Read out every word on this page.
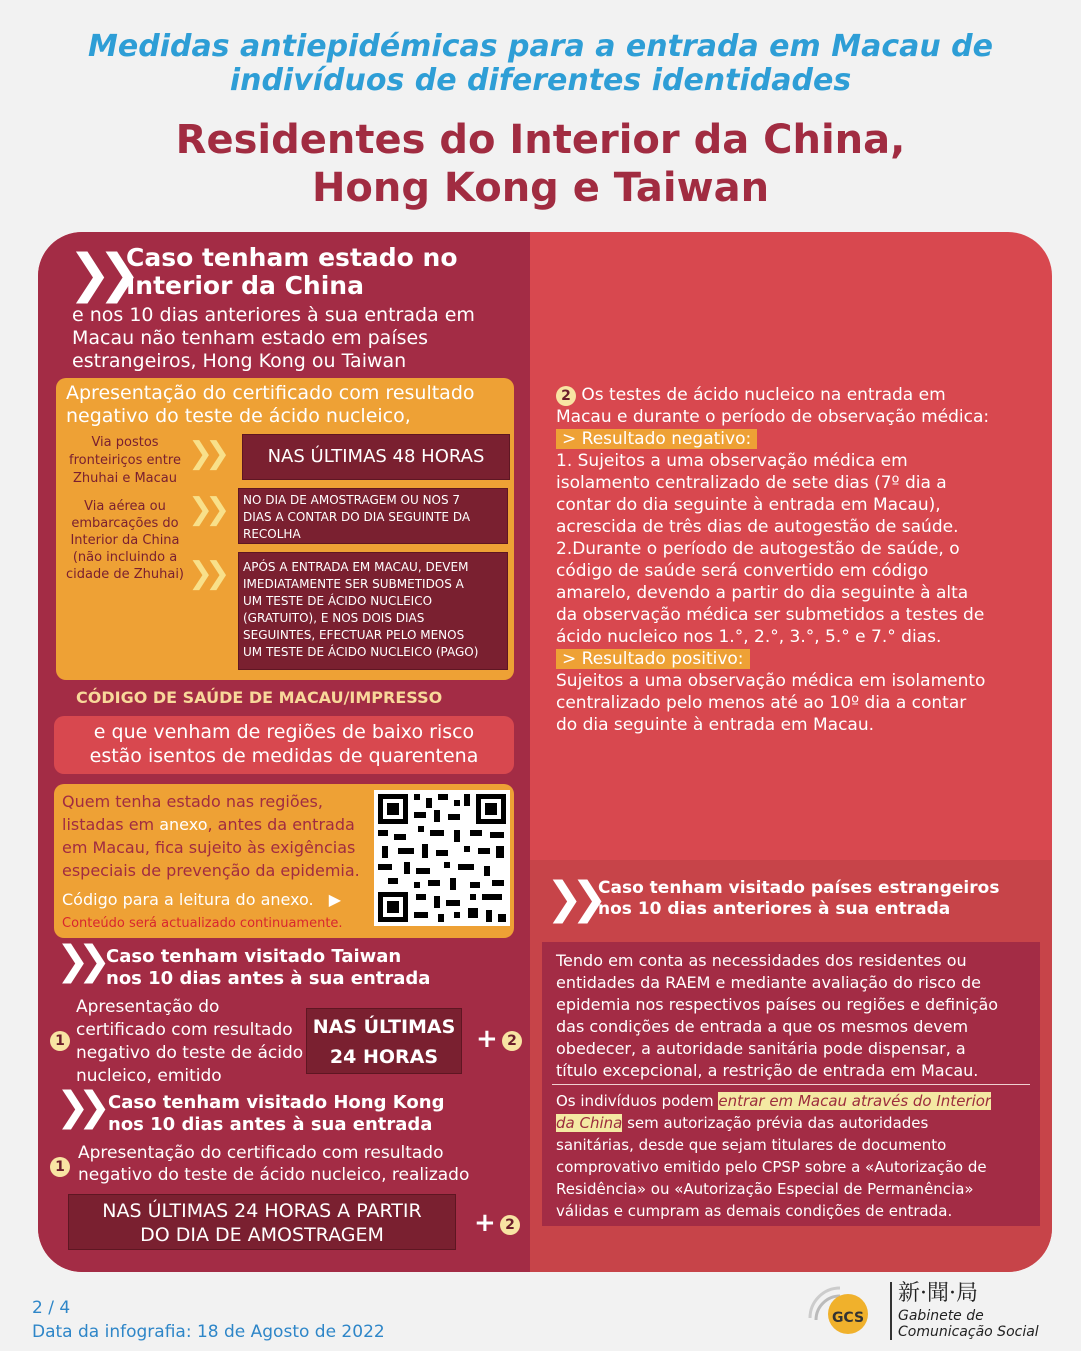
Medidas antiepidémicas para a entrada em Macau de
indivíduos de diferentes identidades
Residentes do Interior da China,
Hong Kong e Taiwan
❯❯
Caso tenham estado no
Interior da China
e nos 10 dias anteriores à sua entrada em
Macau não tenham estado em países
estrangeiros, Hong Kong ou Taiwan
Apresentação do certificado com resultado
negativo do teste de ácido nucleico,
Via postos
fronteiriços entre
Zhuhai e Macau
❯❯	NAS ÚLTIMAS 48 HORAS
Via aérea ou
embarcações do
Interior da China
(não incluindo a
cidade de Zhuhai)
❯❯ NO DIA DE AMOSTRAGEM OU NOS 7
DIAS A CONTAR DO DIA SEGUINTE DA
RECOLHA
❯❯ APÓS A ENTRADA EM MACAU, DEVEM
IMEDIATAMENTE SER SUBMETIDOS A
UM TESTE DE ÁCIDO NUCLEICO
(GRATUITO), E NOS DOIS DIAS
SEGUINTES, EFECTUAR PELO MENOS
UM TESTE DE ÁCIDO NUCLEICO (PAGO)
CÓDIGO DE SAÚDE DE MACAU/IMPRESSO
e que venham de regiões de baixo risco
estão isentos de medidas de quarentena
Quem tenha estado nas regiões,
listadas em anexo, antes da entrada
em Macau, fica sujeito às exigências
especiais de prevenção da epidemia.
Código para a leitura do anexo. ▶
Conteúdo será actualizado continuamente.
❯❯ Caso tenham visitado Taiwan
nos 10 dias antes à sua entrada
1
Apresentação do
certificado com resultado
negativo do teste de ácido
nucleico, emitido
NAS ÚLTIMAS
24 HORAS
+ 2
❯❯ Caso tenham visitado Hong Kong
nos 10 dias antes à sua entrada
1
Apresentação do certificado com resultado
negativo do teste de ácido nucleico, realizado
NAS ÚLTIMAS 24 HORAS A PARTIR
DO DIA DE AMOSTRAGEM	+ 2
2 Os testes de ácido nucleico na entrada em
Macau e durante o período de observação médica:
> Resultado negativo:
1. Sujeitos a uma observação médica em
isolamento centralizado de sete dias (7º dia a
contar do dia seguinte à entrada em Macau),
acrescida de três dias de autogestão de saúde.
2.Durante o período de autogestão de saúde, o
código de saúde será convertido em código
amarelo, devendo a partir do dia seguinte à alta
da observação médica ser submetidos a testes de
ácido nucleico nos 1.°, 2.°, 3.°, 5.° e 7.° dias.
> Resultado positivo:
Sujeitos a uma observação médica em isolamento
centralizado pelo menos até ao 10º dia a contar
do dia seguinte à entrada em Macau.
❯❯ Caso tenham visitado países estrangeiros
nos 10 dias anteriores à sua entrada
Tendo em conta as necessidades dos residentes ou
entidades da RAEM e mediante avaliação do risco de
epidemia nos respectivos países ou regiões e definição
das condições de entrada a que os mesmos devem
obedecer, a autoridade sanitária pode dispensar, a
título excepcional, a restrição de entrada em Macau.
Os indivíduos podem entrar em Macau através do Interior
da China sem autorização prévia das autoridades
sanitárias, desde que sejam titulares de documento
comprovativo emitido pelo CPSP sobre a «Autorização de
Residência» ou «Autorização Especial de Permanência»
válidas e cumpram as demais condições de entrada.
2 / 4
Data da infografia: 18 de Agosto de 2022
GCS
新·聞·局
Gabinete de
Comunicação Social
